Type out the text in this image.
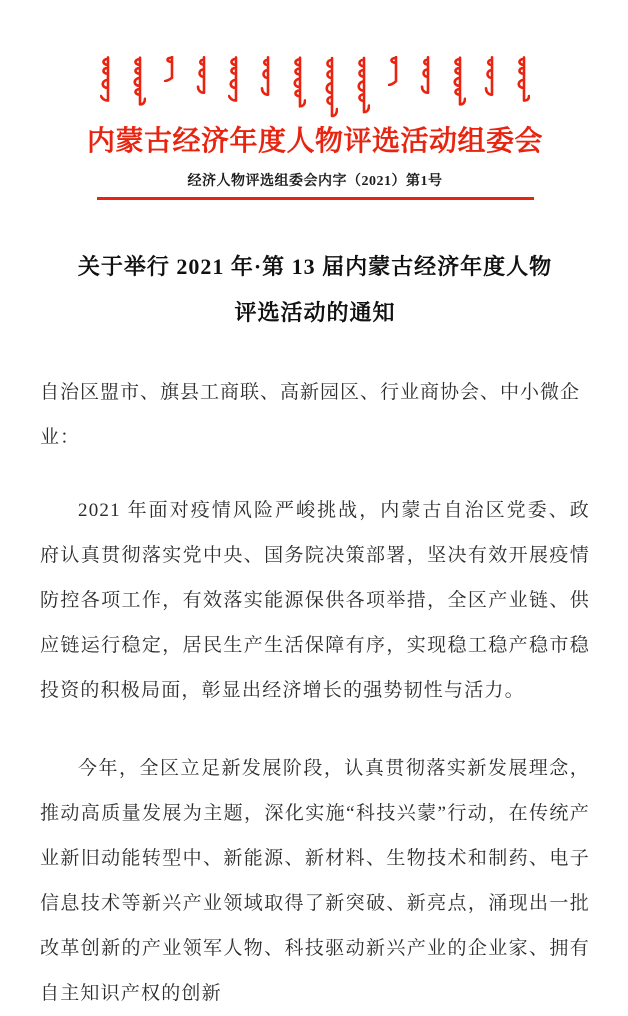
内蒙古经济年度人物评选活动组委会
经济人物评选组委会内字（2021）第1号
关于举行 2021 年·第 13 届内蒙古经济年度人物
评选活动的通知
自治区盟市、旗县工商联、高新园区、行业商协会、中小微企业：

2021 年面对疫情风险严峻挑战，内蒙古自治区党委、政府认真贯彻落实党中央、国务院决策部署，坚决有效开展疫情防控各项工作，有效落实能源保供各项举措，全区产业链、供应链运行稳定，居民生产生活保障有序，实现稳工稳产稳市稳投资的积极局面，彰显出经济增长的强势韧性与活力。

今年，全区立足新发展阶段，认真贯彻落实新发展理念，推动高质量发展为主题，深化实施“科技兴蒙”行动，在传统产业新旧动能转型中、新能源、新材料、生物技术和制药、电子信息技术等新兴产业领域取得了新突破、新亮点，涌现出一批改革创新的产业领军人物、科技驱动新兴产业的企业家、拥有自主知识产权的创新
